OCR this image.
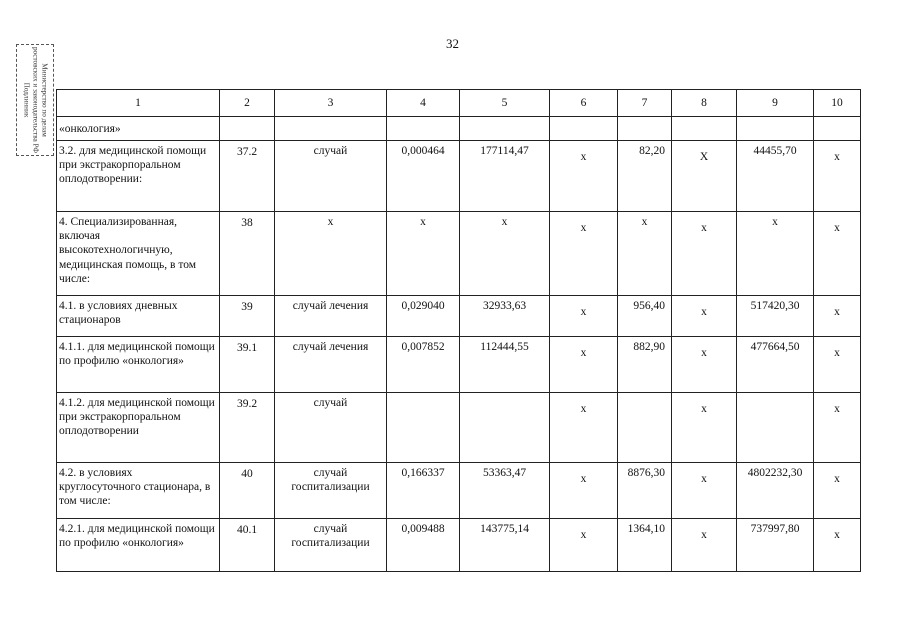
32
Министерство по делам ростовских и законодательства РФ Подлинник	1	2	3	4	5	6	7	8	9	10
«онкология»									
3.2. для медицинской помощи при экстракорпоральном оплодотворении:	37.2	случай	0,000464	177114,47	х	82,20	Х	44455,70	х
4. Специализированная, включая высокотехнологичную, медицинская помощь, в том числе:	38	х	х	х	х	х	х	х	х
4.1. в условиях дневных стационаров	39	случай лечения	0,029040	32933,63	х	956,40	х	517420,30	х
4.1.1. для медицинской помощи по профилю «онкология»	39.1	случай лечения	0,007852	112444,55	х	882,90	х	477664,50	х
4.1.2. для медицинской помощи при экстракорпоральном оплодотворении	39.2	случай			х		х		х
4.2. в условиях круглосуточного стационара, в том числе:	40	случай госпитализации	0,166337	53363,47	х	8876,30	х	4802232,30	х
4.2.1. для медицинской помощи по профилю «онкология»	40.1	случай госпитализации	0,009488	143775,14	х	1364,10	х	737997,80	х
